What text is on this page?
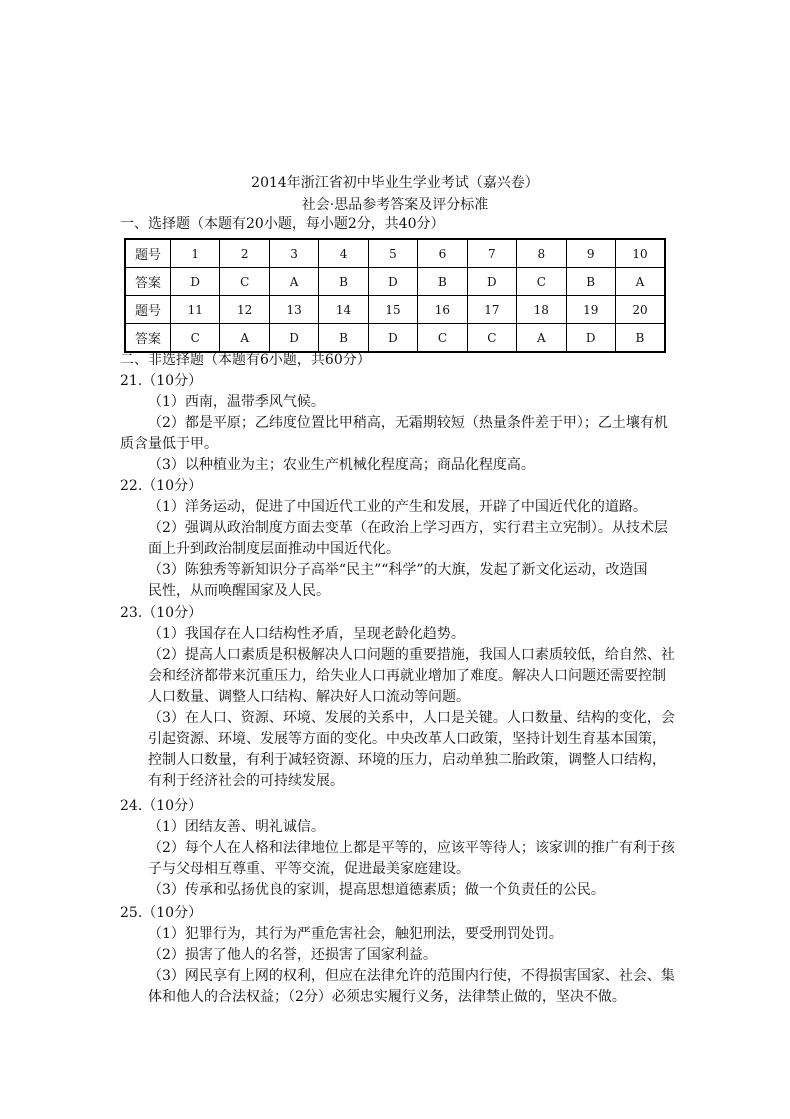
2014年浙江省初中毕业生学业考试（嘉兴卷）
社会·思品参考答案及评分标准
一、选择题（本题有20小题，每小题2分，共40分）
题号	1	2	3	4	5	6	7	8	9	10
答案	D	C	A	B	D	B	D	C	B	A
题号	11	12	13	14	15	16	17	18	19	20
答案	C	A	D	B	D	C	C	A	D	B
二、非选择题（本题有6小题，共60分）
21.（10分）
（1）西南，温带季风气候。
（2）都是平原；乙纬度位置比甲稍高，无霜期较短（热量条件差于甲）；乙土壤有机
质含量低于甲。
（3）以种植业为主；农业生产机械化程度高；商品化程度高。
22.（10分）
（1）洋务运动，促进了中国近代工业的产生和发展，开辟了中国近代化的道路。
（2）强调从政治制度方面去变革（在政治上学习西方，实行君主立宪制）。从技术层
面上升到政治制度层面推动中国近代化。
（3）陈独秀等新知识分子高举“民主”“科学”的大旗，发起了新文化运动，改造国
民性，从而唤醒国家及人民。
23.（10分）
（1）我国存在人口结构性矛盾，呈现老龄化趋势。
（2）提高人口素质是积极解决人口问题的重要措施，我国人口素质较低，给自然、社
会和经济都带来沉重压力，给失业人口再就业增加了难度。解决人口问题还需要控制
人口数量、调整人口结构、解决好人口流动等问题。
（3）在人口、资源、环境、发展的关系中，人口是关键。人口数量、结构的变化，会
引起资源、环境、发展等方面的变化。中央改革人口政策，坚持计划生育基本国策，
控制人口数量，有利于减轻资源、环境的压力，启动单独二胎政策，调整人口结构，
有利于经济社会的可持续发展。
24.（10分）
（1）团结友善、明礼诚信。
（2）每个人在人格和法律地位上都是平等的，应该平等待人；该家训的推广有利于孩
子与父母相互尊重、平等交流，促进最美家庭建设。
（3）传承和弘扬优良的家训，提高思想道德素质；做一个负责任的公民。
25.（10分）
（1）犯罪行为，其行为严重危害社会，触犯刑法，要受刑罚处罚。
（2）损害了他人的名誉，还损害了国家利益。
（3）网民享有上网的权利，但应在法律允许的范围内行使，不得损害国家、社会、集
体和他人的合法权益；（2分）必须忠实履行义务，法律禁止做的，坚决不做。
